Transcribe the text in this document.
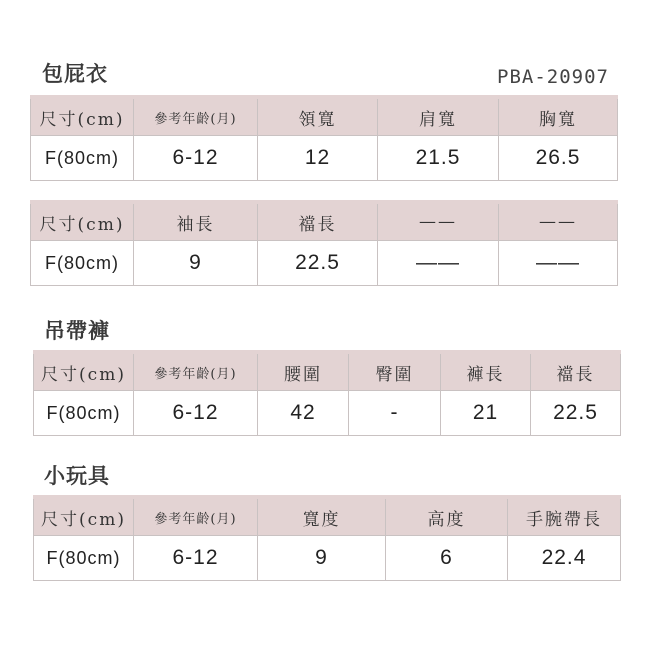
包屁衣	PBA-20907
尺寸(cm)	參考年齡(月)	領寬	肩寬	胸寬
F(80cm)	6-12	12	21.5	26.5
尺寸(cm)	袖長	襠長	——	——
F(80cm)	9	22.5	——	——
吊帶褲
尺寸(cm)	參考年齡(月)	腰圍	臀圍	褲長	襠長
F(80cm)	6-12	42	-	21	22.5
小玩具
尺寸(cm)	參考年齡(月)	寬度	高度	手腕帶長
F(80cm)	6-12	9	6	22.4
